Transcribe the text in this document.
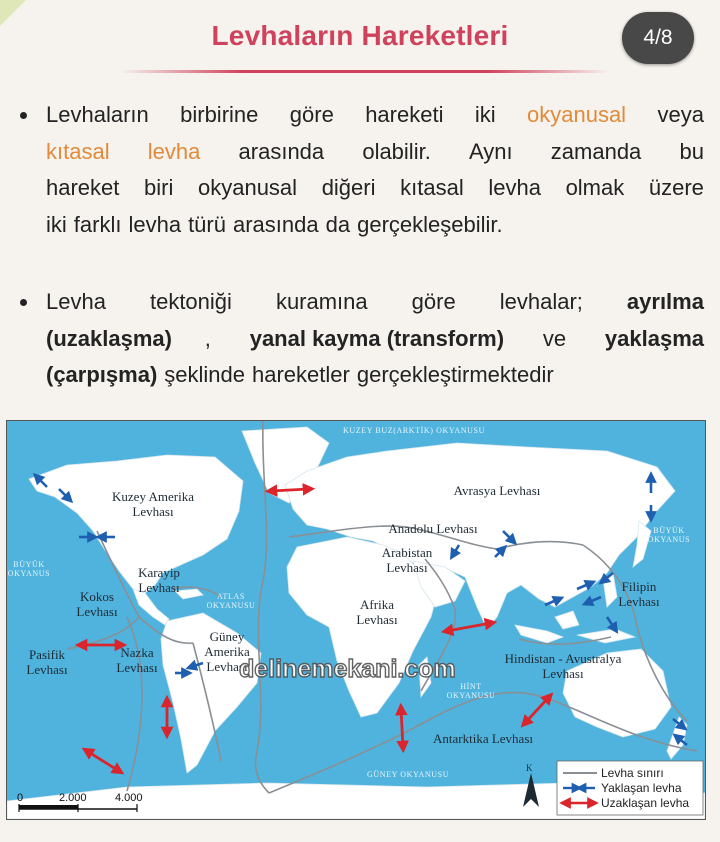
Levhaların Hareketleri	4/8
Levhaların birbirine göre hareketi iki okyanusal veya
kıtasal levha arasında olabilir. Aynı zamanda bu
hareket biri okyanusal diğeri kıtasal levha olmak üzere
iki farklı levha türü arasında da gerçekleşebilir.
Levha tektoniği kuramına göre levhalar; ayrılma
(uzaklaşma) , yanal kayma (transform) ve yaklaşma
(çarpışma) şeklinde hareketler gerçekleştirmektedir
KUZEY BUZ(ARKTİK) OKYANUSU
BÜYÜK OKYANUS
BÜYÜK OKYANUS
ATLAS OKYANUSU
HİNT OKYANUSU
GÜNEY OKYANUSU
Kuzey Amerika Levhası
Avrasya Levhası
Anadolu Levhası
Arabistan Levhası
Karayip Levhası
Kokos Levhası
Filipin Levhası
Afrika Levhası
Pasifik Levhası
Nazka Levhası
Güney Amerika Levhası
Hindistan - Avustralya Levhası
Antarktika Levhası
delinemekani.com
K	Levha sınırı
Yaklaşan levha
Uzaklaşan levha
0	2.000	4.000
